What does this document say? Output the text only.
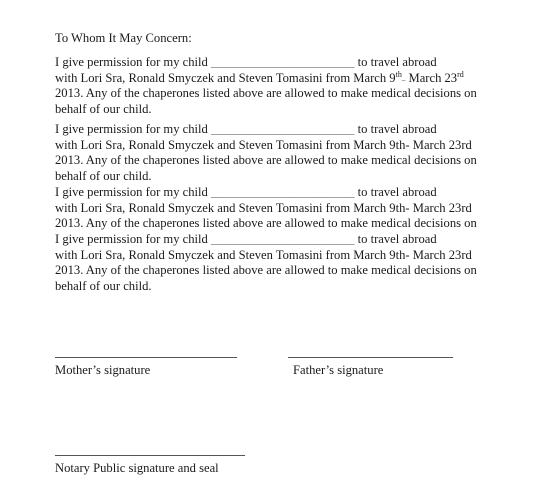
To Whom It May Concern:
I give permission for my child ___________________________________________ to travel abroad
with Lori Sra, Ronald Smyczek and Steven Tomasini from March 9th– March 23rd
2013. Any of the chaperones listed above are allowed to make medical decisions on
behalf of our child.
I give permission for my child ___________________________________________ to travel abroad
with Lori Sra, Ronald Smyczek and Steven Tomasini from March 9th- March 23rd
2013. Any of the chaperones listed above are allowed to make medical decisions on
behalf of our child.
I give permission for my child ___________________________________________ to travel abroad
with Lori Sra, Ronald Smyczek and Steven Tomasini from March 9th- March 23rd
2013. Any of the chaperones listed above are allowed to make medical decisions on
I give permission for my child ___________________________________________ to travel abroad
with Lori Sra, Ronald Smyczek and Steven Tomasini from March 9th- March 23rd
2013. Any of the chaperones listed above are allowed to make medical decisions on
behalf of our child.
Mother’s signature	Father’s signature
Notary Public signature and seal
